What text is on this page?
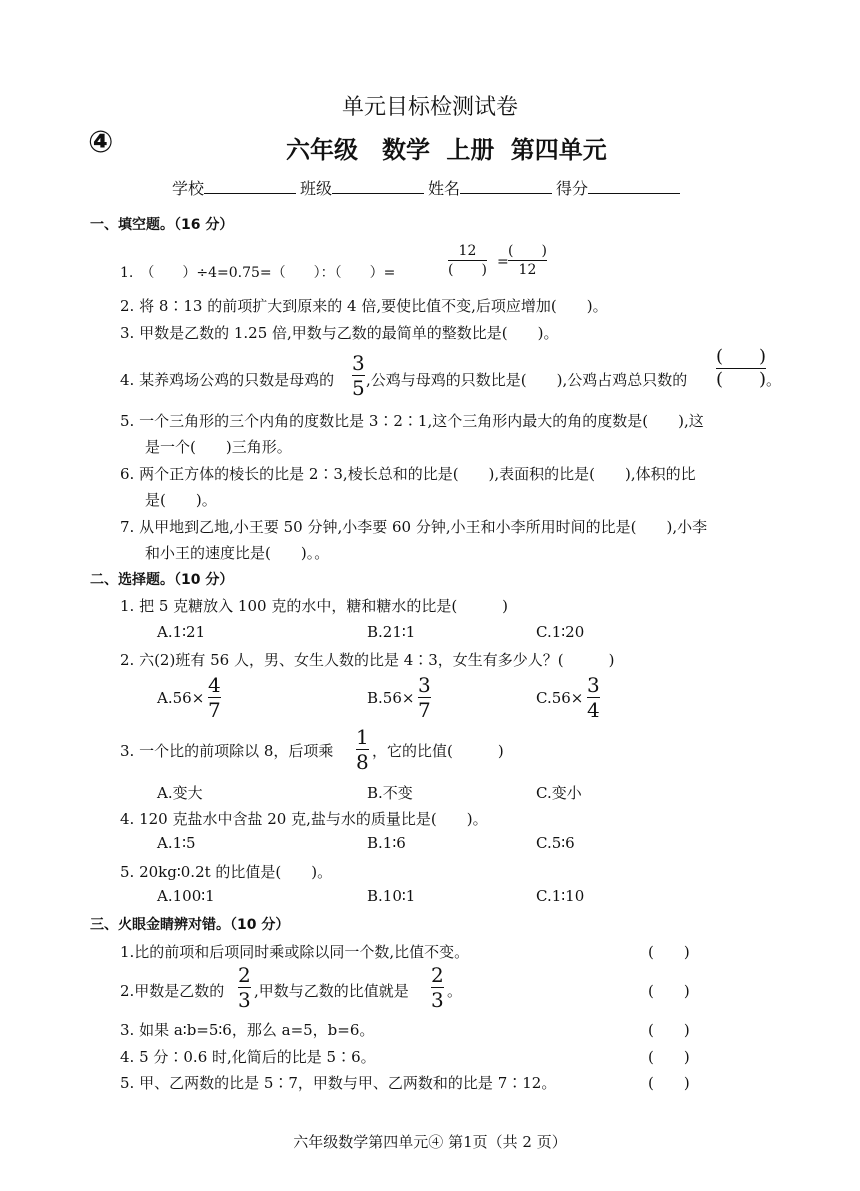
单元目标检测试卷
④	六年级　数学 上册 第四单元
学校	班级	姓名	得分
一、填空题。（16 分）
1.　（　　）÷4=0.75=（　　）：（　　）=
12
(　　) =
(　　)
12
2. 将 8∶13 的前项扩大到原来的 4 倍,要使比值不变,后项应增加(　　)。
3. 甲数是乙数的 1.25 倍,甲数与乙数的最简单的整数比是(　　)。
4. 某养鸡场公鸡的只数是母鸡的
3
5 ,公鸡与母鸡的只数比是(　　),公鸡占鸡总只数的
(　　)
(　　) 。
5. 一个三角形的三个内角的度数比是 3∶2∶1,这个三角形内最大的角的度数是(　　),这
是一个(　　)三角形。
6. 两个正方体的棱长的比是 2∶3,棱长总和的比是(　　),表面积的比是(　　),体积的比
是(　　)。
7. 从甲地到乙地,小王要 50 分钟,小李要 60 分钟,小王和小李所用时间的比是(　　),小李
和小王的速度比是(　　)。。
二、选择题。（10 分）
1. 把 5 克糖放入 100 克的水中，糖和糖水的比是(　　　)
A.1∶21	B.21∶1	C.1∶20
2. 六(2)班有 56 人，男、女生人数的比是 4∶3，女生有多少人？(　　　)
A.56×
4
7	B.56×
3
7	C.56×
3
4
3. 一个比的前项除以 8，后项乘
1
8 ，它的比值(　　　)
A.变大	B.不变	C.变小
4. 120 克盐水中含盐 20 克,盐与水的质量比是(　　)。
A.1∶5	B.1∶6	C.5∶6
5. 20kg∶0.2t 的比值是(　　)。
A.100∶1	B.10∶1	C.1∶10
三、火眼金睛辨对错。（10 分）
1.比的前项和后项同时乘或除以同一个数,比值不变。	(　　)
2.甲数是乙数的
2
3 ,甲数与乙数的比值就是
2
3 。	(　　)
3. 如果 a∶b=5∶6，那么 a=5，b=6。	(　　)
4. 5 分∶0.6 时,化简后的比是 5∶6。	(　　)
5. 甲、乙两数的比是 5∶7，甲数与甲、乙两数和的比是 7∶12。	(　　)
六年级数学第四单元④ 第1页（共 2 页）
